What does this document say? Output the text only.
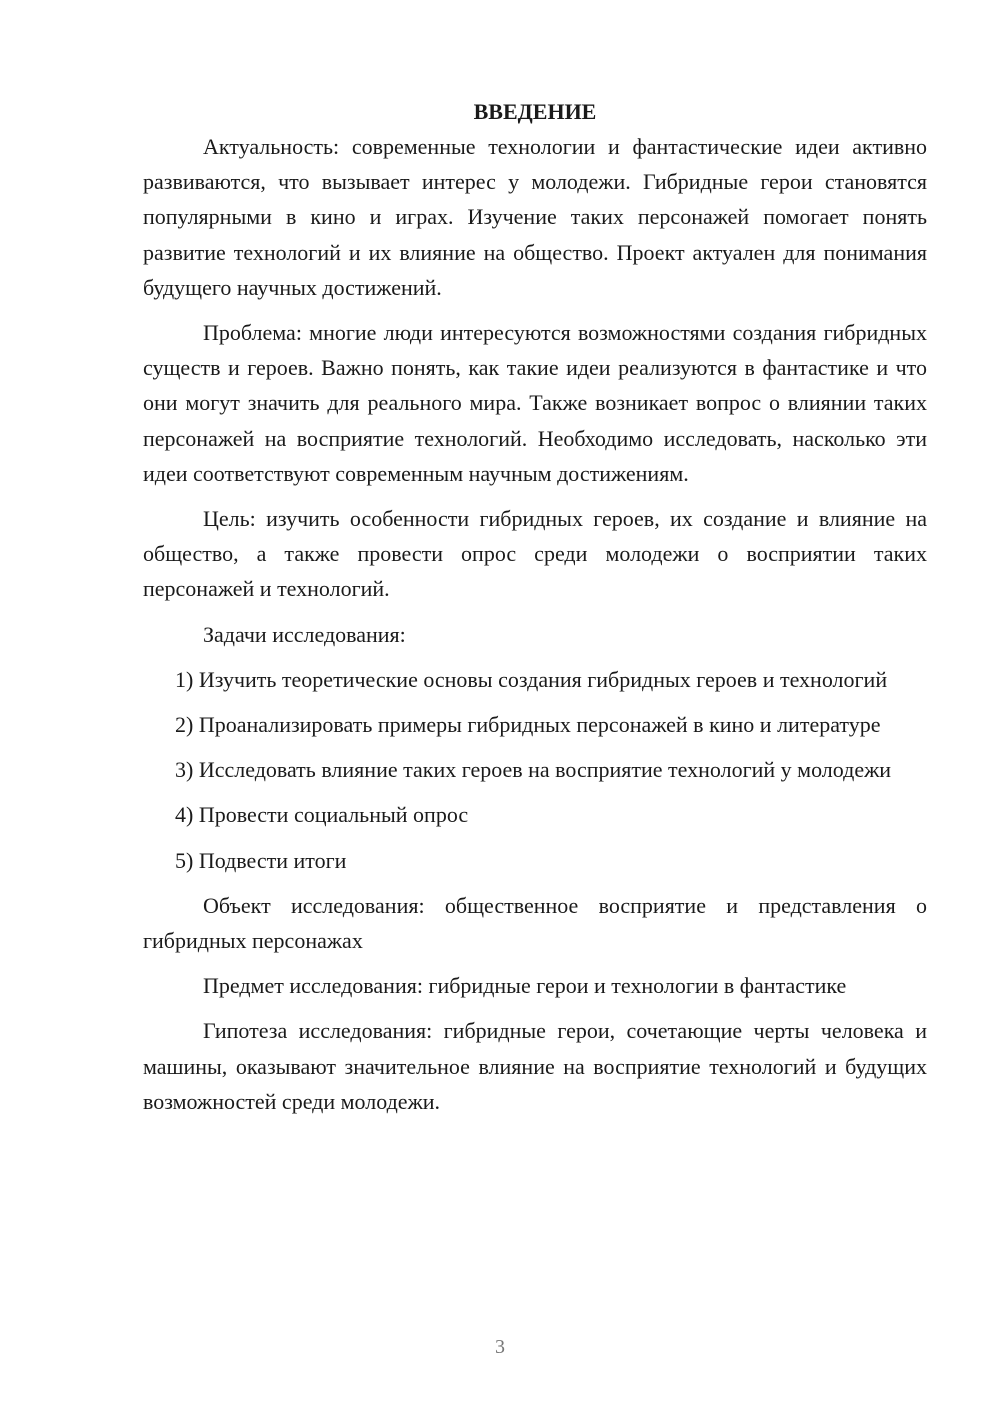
ВВЕДЕНИЕ

Актуальность: современные технологии и фантастические идеи активно развиваются, что вызывает интерес у молодежи. Гибридные герои становятся популярными в кино и играх. Изучение таких персонажей помогает понять развитие технологий и их влияние на общество. Проект актуален для понимания будущего научных достижений.

Проблема: многие люди интересуются возможностями создания гибридных существ и героев. Важно понять, как такие идеи реализуются в фантастике и что они могут значить для реального мира. Также возникает вопрос о влиянии таких персонажей на восприятие технологий. Необходимо исследовать, насколько эти идеи соответствуют современным научным достижениям.

Цель: изучить особенности гибридных героев, их создание и влияние на общество, а также провести опрос среди молодежи о восприятии таких персонажей и технологий.

Задачи исследования:

1) Изучить теоретические основы создания гибридных героев и технологий

2) Проанализировать примеры гибридных персонажей в кино и литературе

3) Исследовать влияние таких героев на восприятие технологий у молодежи

4) Провести социальный опрос

5) Подвести итоги

Объект исследования: общественное восприятие и представления о гибридных персонажах

Предмет исследования: гибридные герои и технологии в фантастике

Гипотеза исследования: гибридные герои, сочетающие черты человека и машины, оказывают значительное влияние на восприятие технологий и будущих возможностей среди молодежи.

3
